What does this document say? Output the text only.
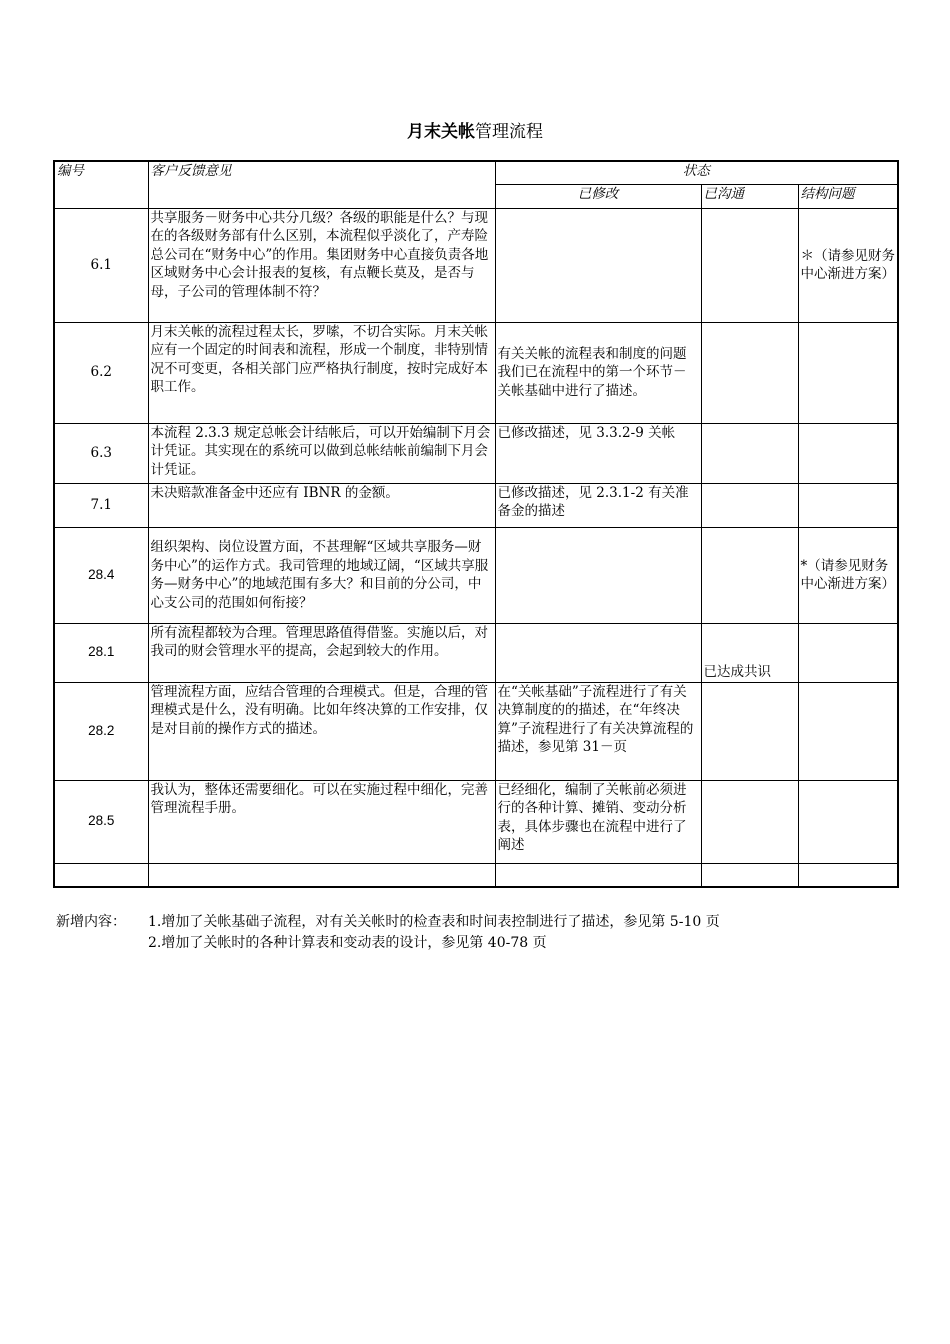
月末关帐管理流程
编号	客户反馈意见	状态		
		已修改	已沟通	结构问题
6.1	共享服务－财务中心共分几级？各级的职能是什么？与现在的各级财务部有什么区别，本流程似乎淡化了，产寿险总公司在“财务中心”的作用。集团财务中心直接负责各地区域财务中心会计报表的复核，有点鞭长莫及，是否与母，子公司的管理体制不符？			＊（请参见财务中心渐进方案）
6.2	月末关帐的流程过程太长，罗嗦，不切合实际。月末关帐应有一个固定的时间表和流程，形成一个制度，非特别情况不可变更，各相关部门应严格执行制度，按时完成好本职工作。	有关关帐的流程表和制度的问题我们已在流程中的第一个环节－关帐基础中进行了描述。		
6.3	本流程 2.3.3 规定总帐会计结帐后，可以开始编制下月会计凭证。其实现在的系统可以做到总帐结帐前编制下月会计凭证。	已修改描述，见 3.3.2-9 关帐		
7.1	未决赔款准备金中还应有 IBNR 的金额。	已修改描述，见 2.3.1-2 有关准备金的描述		
28.4	组织架构、岗位设置方面，不甚理解“区域共享服务—财务中心”的运作方式。我司管理的地域辽阔，“区域共享服务—财务中心”的地域范围有多大？和目前的分公司，中心支公司的范围如何衔接？			*（请参见财务中心渐进方案）
28.1	所有流程都较为合理。管理思路值得借鉴。实施以后，对我司的财会管理水平的提高，会起到较大的作用。		已达成共识	
28.2	管理流程方面，应结合管理的合理模式。但是，合理的管理模式是什么，没有明确。比如年终决算的工作安排，仅是对目前的操作方式的描述。	在“关帐基础”子流程进行了有关决算制度的的描述，在“年终决算”子流程进行了有关决算流程的描述，参见第 31－页		
28.5	我认为，整体还需要细化。可以在实施过程中细化，完善管理流程手册。	已经细化，编制了关帐前必须进行的各种计算、摊销、变动分析表，具体步骤也在流程中进行了阐述		

新增内容： 1.增加了关帐基础子流程，对有关关帐时的检查表和时间表控制进行了描述，参见第 5-10 页
2.增加了关帐时的各种计算表和变动表的设计，参见第 40-78 页
